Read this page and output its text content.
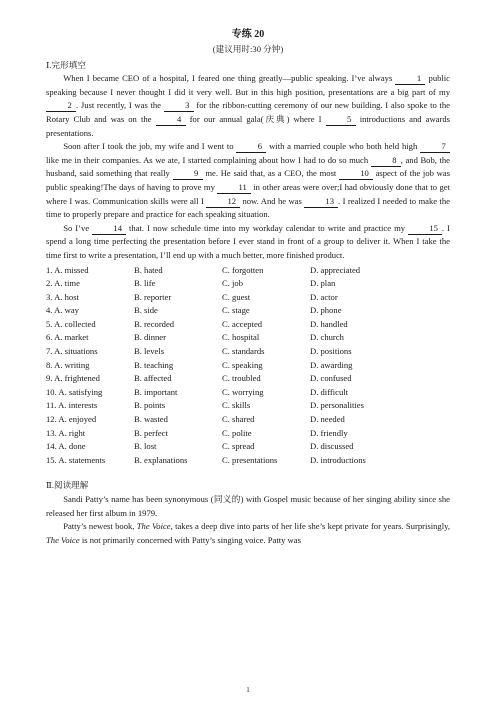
专练 20
(建议用时:30 分钟)
Ⅰ.完形填空

When I became CEO of a hospital, I feared one thing greatly—public speaking. I’ve always	1 public speaking because I never thought I did it very well. But in this high position, presentations are a big part of my 2 . Just recently, I was the	3 for the ribbon-cutting ceremony of our new building. I also spoke to the Rotary Club and was on the	4 for our annual gala(庆典) where I	5 introductions and awards presentations.

Soon after I took the job, my wife and I went to	6 with a married couple who both held high	7 like me in their companies. As we ate, I started complaining about how I had to do so much	8 , and Bob, the husband, said something that really	9 me. He said that, as a CEO, the most	10 aspect of the job was public speaking!The days of having to prove my	11 in other areas were over;I had obviously done that to get where I was. Communication skills were all I	12 now. And he was	13 . I realized I needed to make the time to properly prepare and practice for each speaking situation.

So I’ve	14 that. I now schedule time into my workday calendar to write and practice my	15 . I spend a long time perfecting the presentation before I ever stand in front of a group to deliver it. When I take the time first to write a presentation, I’ll end up with a much better, more finished product.

1. A. missed	B. hated	C. forgotten	D. appreciated
2. A. time	B. life	C. job	D. plan
3. A. host	B. reporter	C. guest	D. actor
4. A. way	B. side	C. stage	D. phone
5. A. collected	B. recorded	C. accepted	D. handled
6. A. market	B. dinner	C. hospital	D. church
7. A. situations	B. levels	C. standards	D. positions
8. A. writing	B. teaching	C. speaking	D. awarding
9. A. frightened	B. affected	C. troubled	D. confused
10. A. satisfying	B. important	C. worrying	D. difficult
11. A. interests	B. points	C. skills	D. personalities
12. A. enjoyed	B. wasted	C. shared	D. needed
13. A. right	B. perfect	C. polite	D. friendly
14. A. done	B. lost	C. spread	D. discussed
15. A. statements	B. explanations	C. presentations	D. introductions
Ⅱ.阅读理解

Sandi Patty’s name has been synonymous (同义的) with Gospel music because of her singing ability since she released her first album in 1979.

Patty’s newest book, The Voice, takes a deep dive into parts of her life she’s kept private for years. Surprisingly, The Voice is not primarily concerned with Patty’s singing voice. Patty was

1
